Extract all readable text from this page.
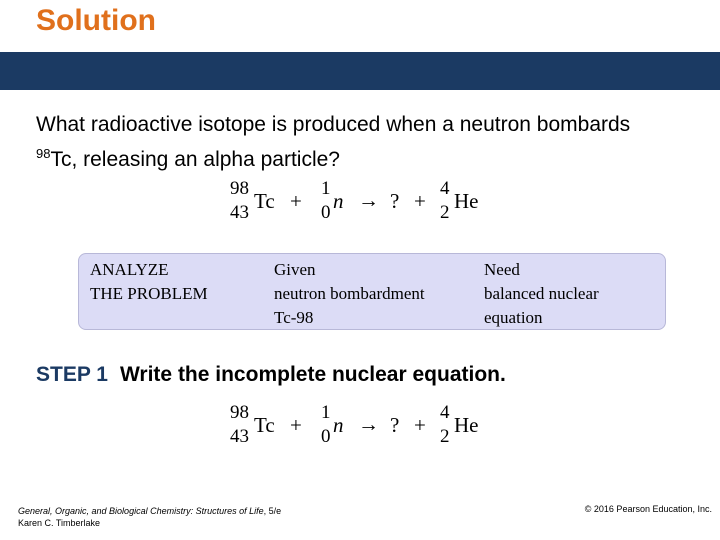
Solution
What radioactive isotope is produced when a neutron bombards $^{98}$Tc, releasing an alpha particle?
98
43 Tc +
1
0 n → ? +
4
2 He
ANALYZE
THE PROBLEM
Given
neutron bombardment
Tc-98
Need
balanced nuclear
equation
STEP 1 Write the incomplete nuclear equation.
98
43 Tc +
1
0 n → ? +
4
2 He
General, Organic, and Biological Chemistry: Structures of Life, 5/e
Karen C. Timberlake
© 2016 Pearson Education, Inc.
